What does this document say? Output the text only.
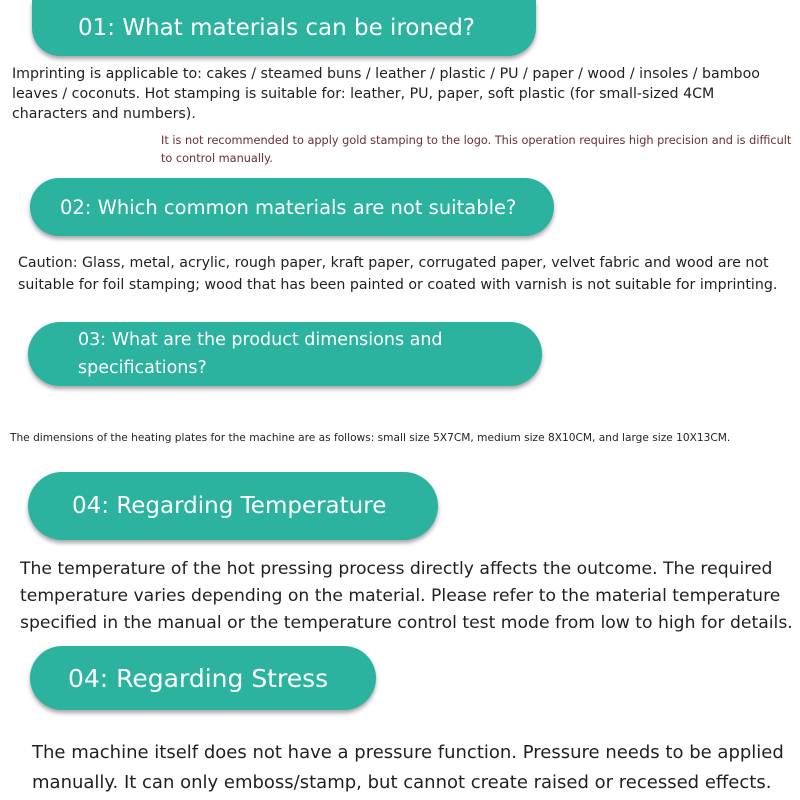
01: What materials can be ironed?
Imprinting is applicable to: cakes / steamed buns / leather / plastic / PU / paper / wood / insoles / bamboo
leaves / coconuts. Hot stamping is suitable for: leather, PU, paper, soft plastic (for small-sized 4CM
characters and numbers).
It is not recommended to apply gold stamping to the logo. This operation requires high precision and is difficult
to control manually.
02: Which common materials are not suitable?
Caution: Glass, metal, acrylic, rough paper, kraft paper, corrugated paper, velvet fabric and wood are not
suitable for foil stamping; wood that has been painted or coated with varnish is not suitable for imprinting.
03: What are the product dimensions and
specifications?
The dimensions of the heating plates for the machine are as follows: small size 5X7CM, medium size 8X10CM, and large size 10X13CM.
04: Regarding Temperature
The temperature of the hot pressing process directly affects the outcome. The required
temperature varies depending on the material. Please refer to the material temperature
specified in the manual or the temperature control test mode from low to high for details.
04: Regarding Stress
The machine itself does not have a pressure function. Pressure needs to be applied
manually. It can only emboss/stamp, but cannot create raised or recessed effects.
